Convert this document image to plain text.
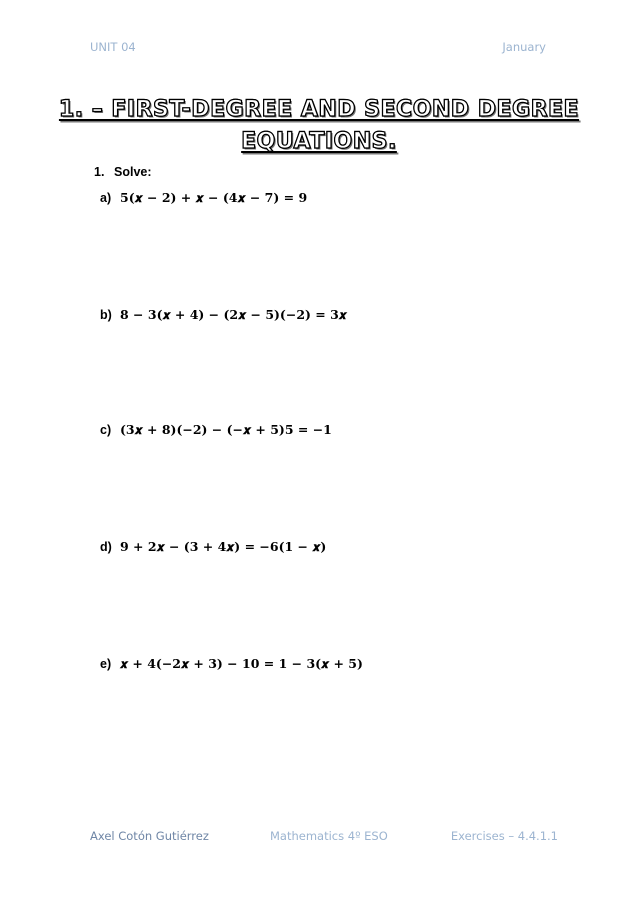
UNIT 04	January
1. – FIRST-DEGREE AND SECOND DEGREE
EQUATIONS.
1. Solve:
a) 5(𝒙 − 2) + 𝒙 − (4𝒙 − 7) = 9
b) 8 − 3(𝒙 + 4) − (2𝒙 − 5)(−2) = 3𝒙
c) (3𝒙 + 8)(−2) − (−𝒙 + 5)5 = −1
d) 9 + 2𝒙 − (3 + 4𝒙) = −6(1 − 𝒙)
e) 𝒙 + 4(−2𝒙 + 3) − 10 = 1 − 3(𝒙 + 5)
Axel Cotón Gutiérrez	Mathematics 4º ESO	Exercises – 4.4.1.1
